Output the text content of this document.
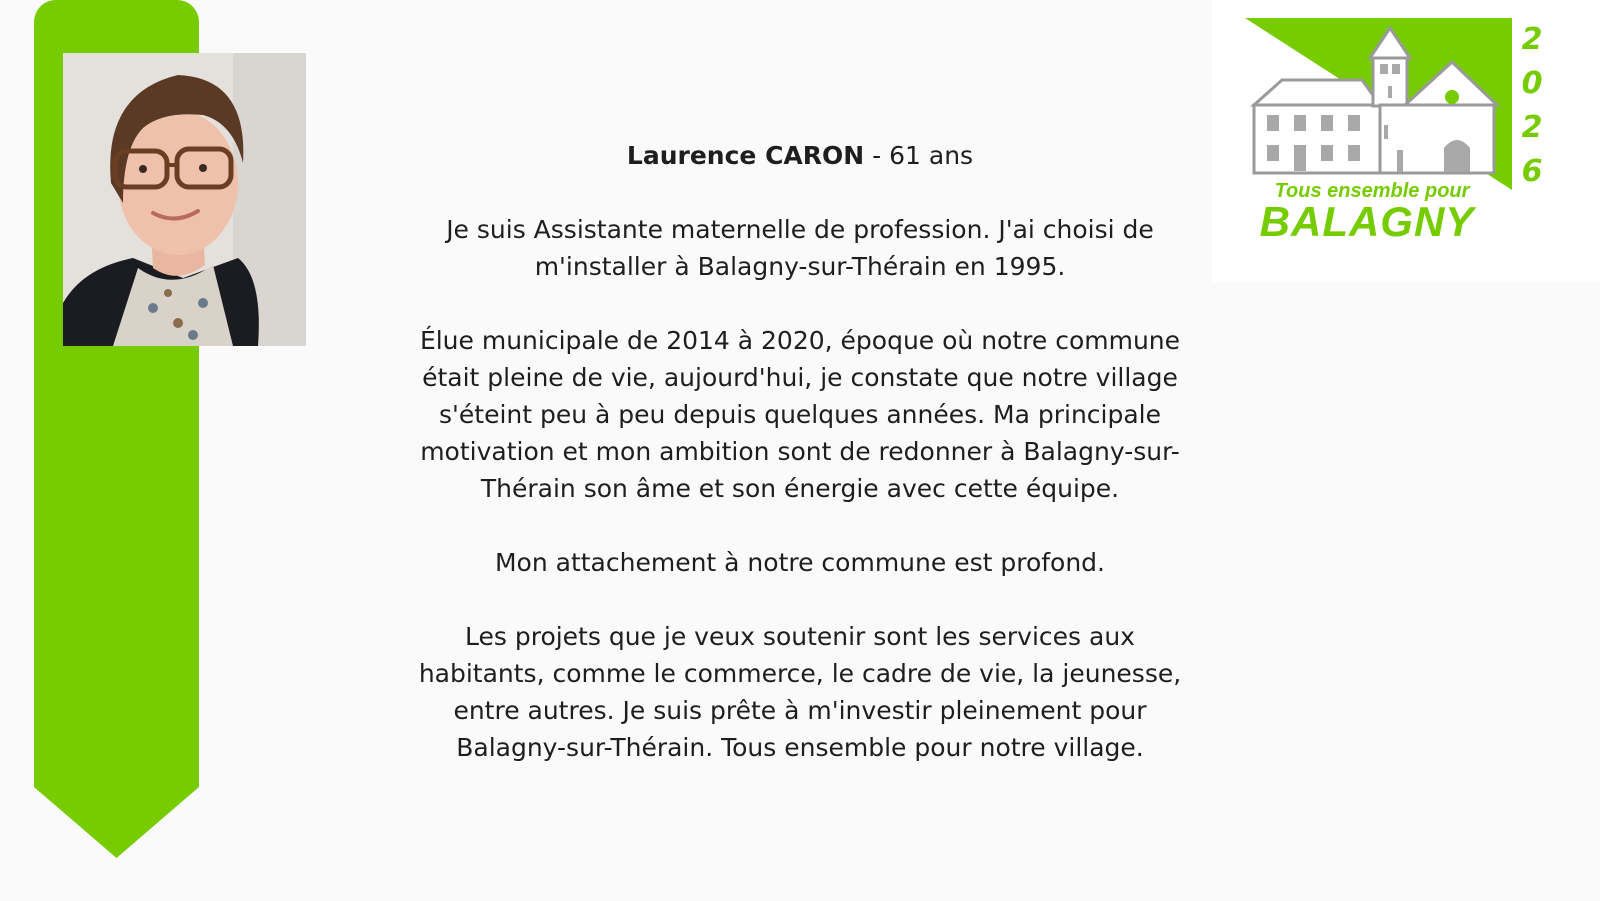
Laurence CARON - 61 ans

Je suis Assistante maternelle de profession. J'ai choisi de m'installer à Balagny-sur-Thérain en 1995.

Élue municipale de 2014 à 2020, époque où notre commune était pleine de vie, aujourd'hui, je constate que notre village s'éteint peu à peu depuis quelques années. Ma principale motivation et mon ambition sont de redonner à Balagny-sur-Thérain son âme et son énergie avec cette équipe.

Mon attachement à notre commune est profond.

Les projets que je veux soutenir sont les services aux habitants, comme le commerce, le cadre de vie, la jeunesse, entre autres. Je suis prête à m'investir pleinement pour Balagny-sur-Thérain. Tous ensemble pour notre village.

2
0
2
6
Tous ensemble pour
BALAGNY
